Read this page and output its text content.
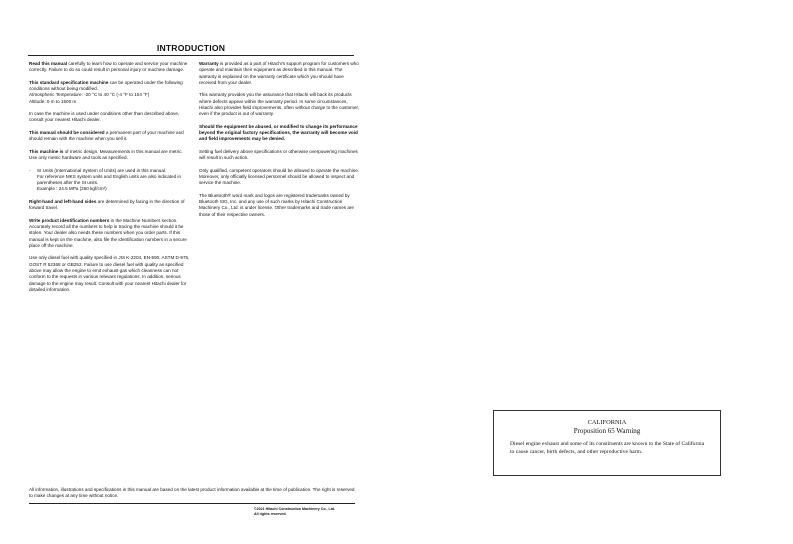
INTRODUCTION

Read this manual carefully to learn how to operate and service your machine correctly. Failure to do so could result in personal injury or machine damage.

This standard specification machine can be operated under the following conditions without being modified.
Atmospheric Temperature: -20 °C to 40 °C (-4 °F to 104 °F)
Altitude: 0 m to 1500 m

In case the machine is used under conditions other than described above, consult your nearest Hitachi dealer.

This manual should be considered a permanent part of your machine and should remain with the machine when you sell it.

This machine is of metric design. Measurements in this manual are metric. Use only metric hardware and tools as specified.

-	SI Units (International System of Units) are used in this manual.
For reference MKS system units and English units are also indicated in parentheses after the SI units.
Example : 24.5 MPa (250 kgf/cm²)

Right-hand and left-hand sides are determined by facing in the direction of forward travel.

Write product identification numbers in the Machine Numbers section. Accurately record all the numbers to help in tracing the machine should it be stolen. Your dealer also needs these numbers when you order parts. If this manual is kept on the machine, also file the identification numbers in a secure place off the machine.

Use only diesel fuel with quality specified in JIS K-2204, EN-590, ASTM D-975, GOST R 52368 or GB252. Failure to use diesel fuel with quality as specified above may allow the engine to emit exhaust gas which cleanness can not conform to the requests in various relevant regulations. In addition, serious damage to the engine may result. Consult with your nearest Hitachi dealer for detailed information.

Warranty is provided as a part of Hitachi's support program for customers who operate and maintain their equipment as described in this manual. The warranty is explained on the warranty certificate which you should have received from your dealer.

This warranty provides you the assurance that Hitachi will back its products where defects appear within the warranty period. In some circumstances, Hitachi also provides field improvements, often without charge to the customer, even if the product is out of warranty.

Should the equipment be abused, or modified to change its performance beyond the original factory specifications, the warranty will become void and field improvements may be denied.

Setting fuel delivery above specifications or otherwise overpowering machines will result in such action.

Only qualified, competent operators should be allowed to operate the machine. Moreover, only officially licensed personnel should be allowed to inspect and service the machine.

The Bluetooth® word mark and logos are registered trademarks owned by Bluetooth SIG, Inc. and any use of such marks by Hitachi Construction Machinery Co., Ltd. is under license. Other trademarks and trade names are those of their respective owners.

All information, illustrations and specifications in this manual are based on the latest product information available at the time of publication. The right is reserved to make changes at any time without notice.
©2021 Hitachi Construction Machinery Co., Ltd.
All rights reserved.
CALIFORNIA
Proposition 65 Warning
Diesel engine exhaust and some of its constituents are known to the State of California to cause cancer, birth defects, and other reproductive harm.
